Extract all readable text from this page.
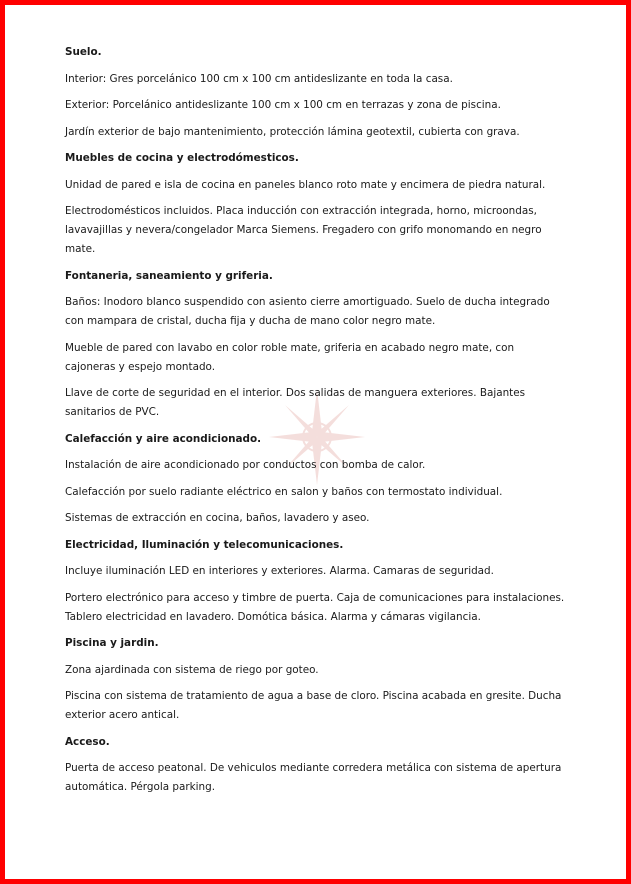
Suelo.
Interior: Gres porcelánico 100 cm x 100 cm antideslizante en toda la casa.
Exterior: Porcelánico antideslizante 100 cm x 100 cm en terrazas y zona de piscina.
Jardín exterior de bajo mantenimiento, protección lámina geotextil, cubierta con grava.
Muebles de cocina y electrodómesticos.
Unidad de pared e isla de cocina en paneles blanco roto mate y encimera de piedra natural.
Electrodomésticos incluidos. Placa inducción con extracción integrada, horno, microondas, lavavajillas y nevera/congelador Marca Siemens. Fregadero con grifo monomando en negro mate.
Fontaneria, saneamiento y griferia.
Baños: Inodoro blanco suspendido con asiento cierre amortiguado. Suelo de ducha integrado con mampara de cristal, ducha fija y ducha de mano color negro mate.
Mueble de pared con lavabo en color roble mate, griferia en acabado negro mate, con cajoneras y espejo montado.
Llave de corte de seguridad en el interior. Dos salidas de manguera exteriores. Bajantes sanitarios de PVC.
Calefacción y aire acondicionado.
Instalación de aire acondicionado por conductos con bomba de calor.
Calefacción por suelo radiante eléctrico en salon y baños con termostato individual.
Sistemas de extracción en cocina, baños, lavadero y aseo.
Electricidad, Iluminación y telecomunicaciones.
Incluye iluminación LED en interiores y exteriores. Alarma. Camaras de seguridad.
Portero electrónico para acceso y timbre de puerta. Caja de comunicaciones para instalaciones. Tablero electricidad en lavadero. Domótica básica. Alarma y cámaras vigilancia.
Piscina y jardin.
Zona ajardinada con sistema de riego por goteo.
Piscina con sistema de tratamiento de agua a base de cloro. Piscina acabada en gresite. Ducha exterior acero antical.
Acceso.
Puerta de acceso peatonal. De vehiculos mediante corredera metálica con sistema de apertura automática. Pérgola parking.
